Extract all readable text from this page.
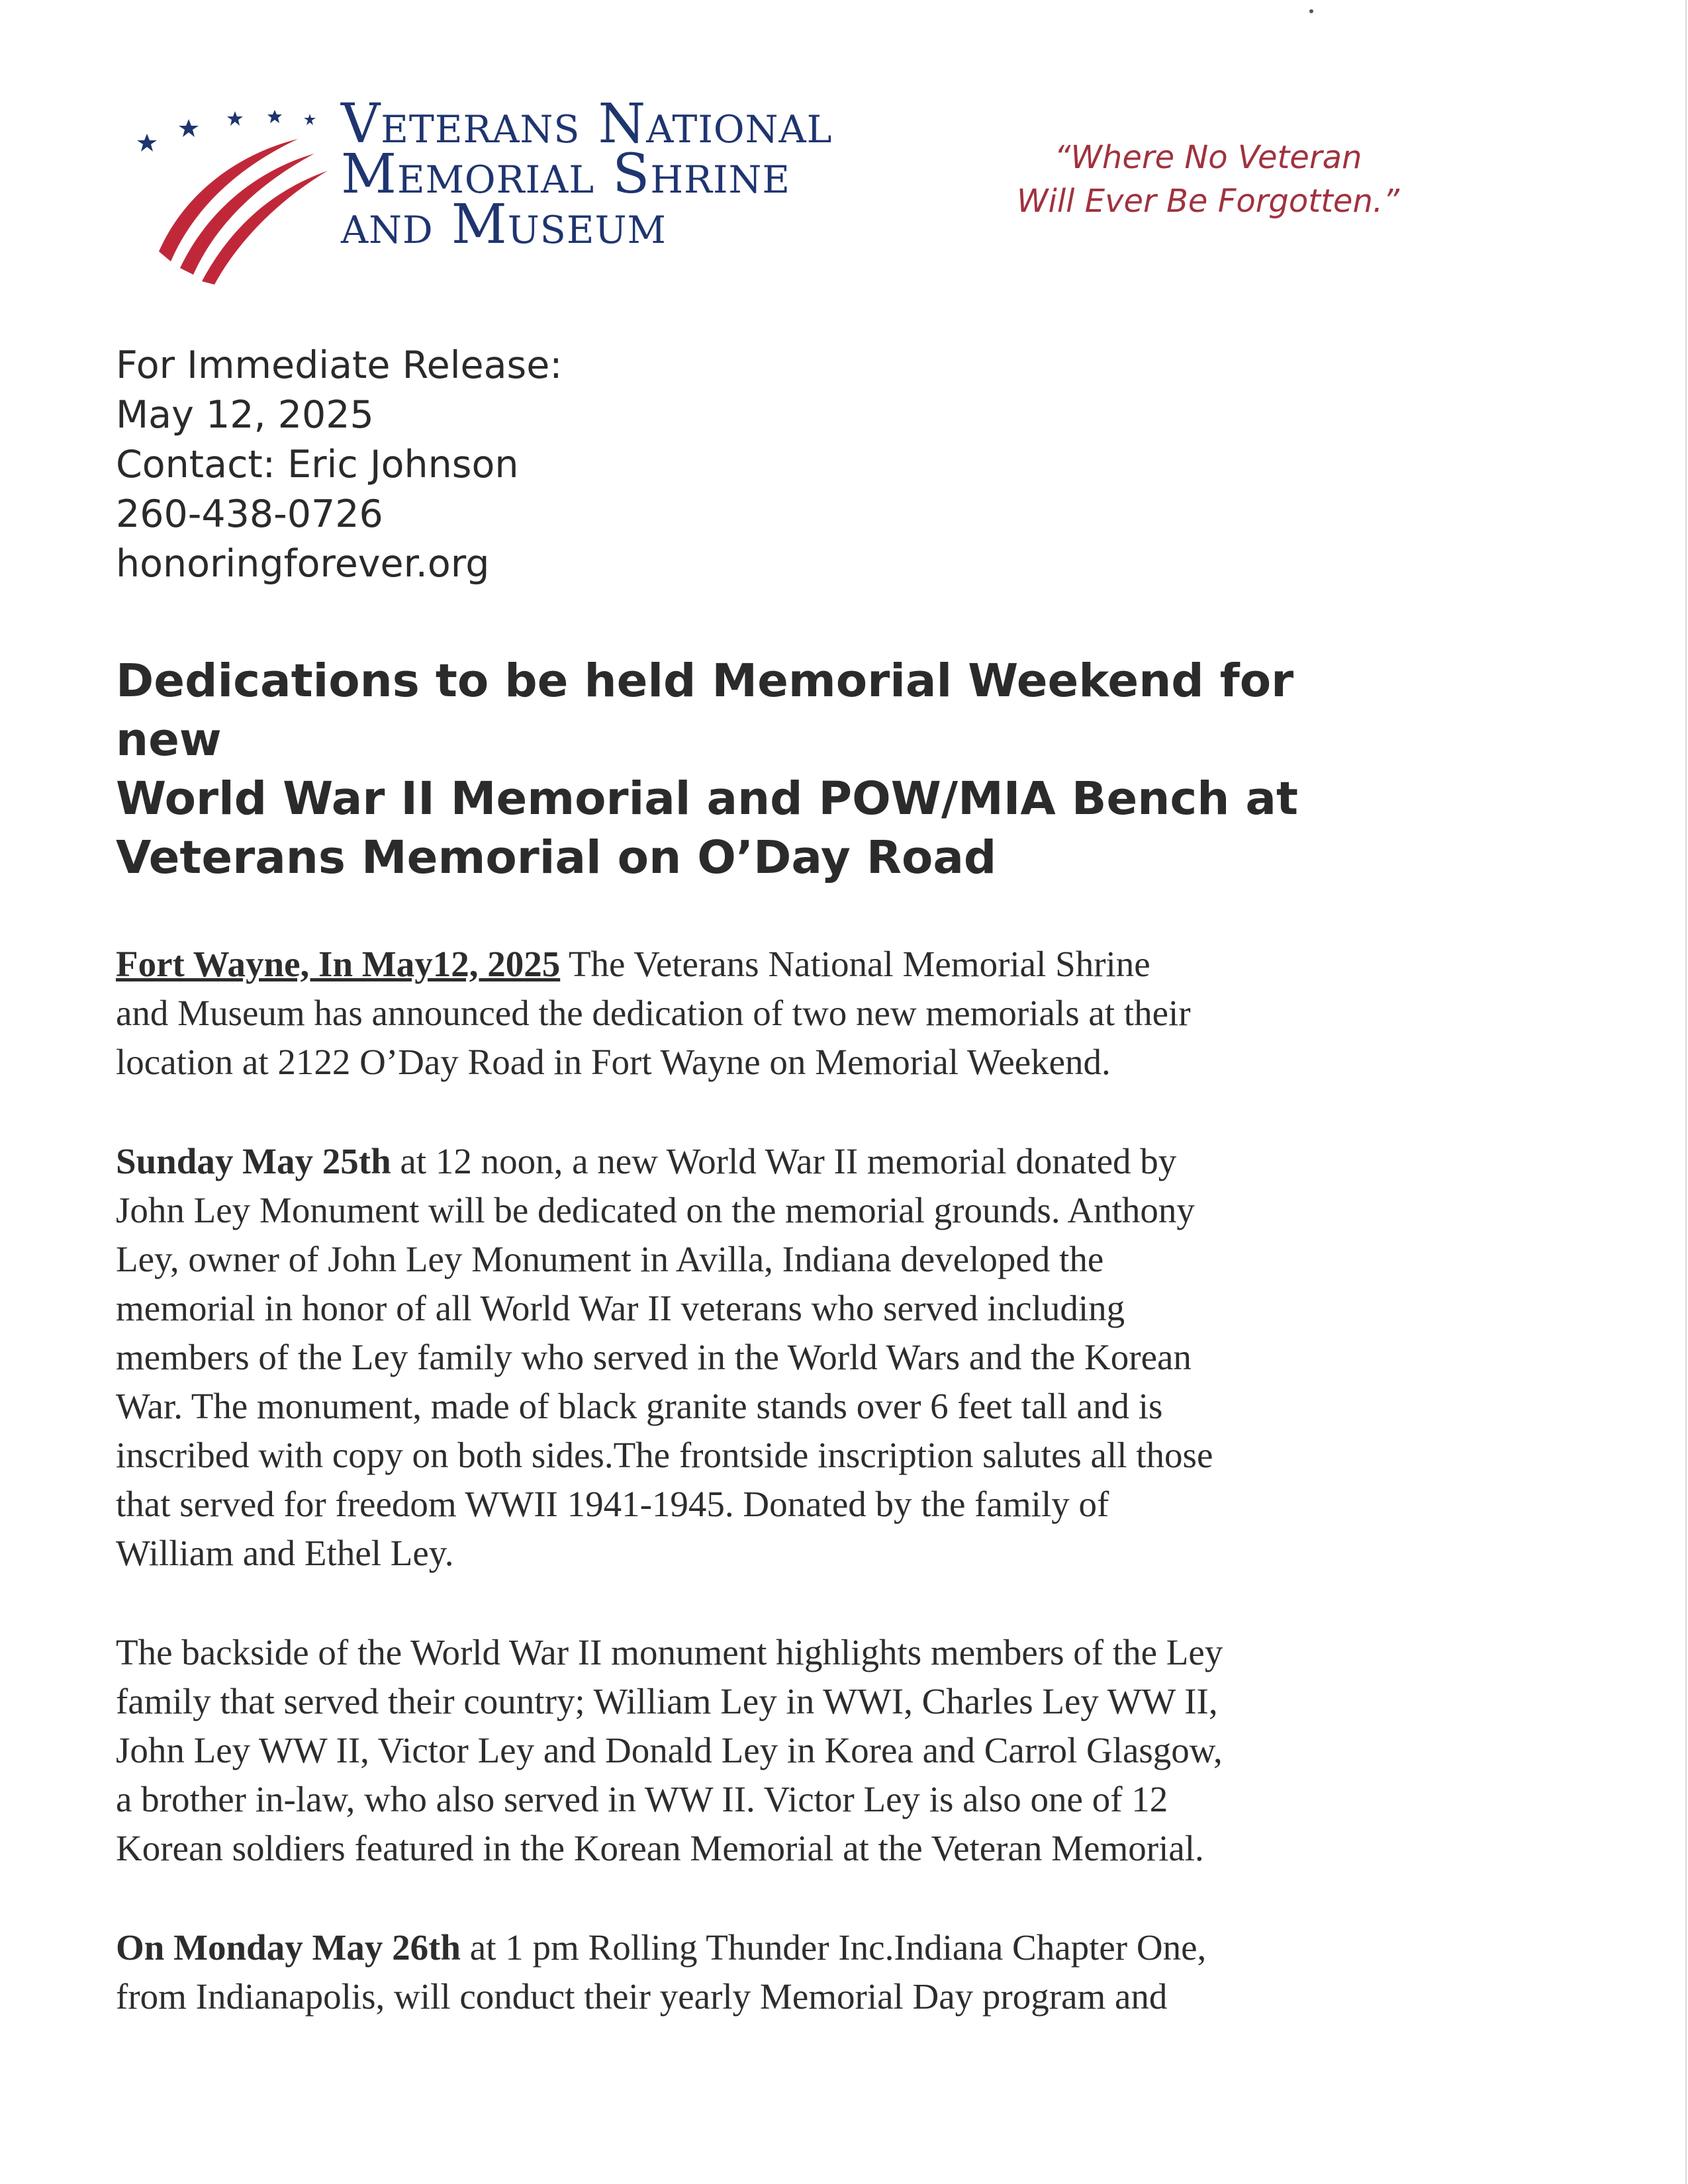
Veterans National
Memorial Shrine
and Museum
“Where No Veteran
Will Ever Be Forgotten.”
For Immediate Release:
May 12, 2025
Contact: Eric Johnson
260-438-0726
honoringforever.org
Dedications to be held Memorial Weekend for
new
World War II Memorial and POW/MIA Bench at
Veterans Memorial on O’Day Road
Fort Wayne, In May12, 2025 The Veterans National Memorial Shrine
and Museum has announced the dedication of two new memorials at their
location at 2122 O’Day Road in Fort Wayne on Memorial Weekend.
Sunday May 25th at 12 noon, a new World War II memorial donated by
John Ley Monument will be dedicated on the memorial grounds. Anthony
Ley, owner of John Ley Monument in Avilla, Indiana developed the
memorial in honor of all World War II veterans who served including
members of the Ley family who served in the World Wars and the Korean
War. The monument, made of black granite stands over 6 feet tall and is
inscribed with copy on both sides.The frontside inscription salutes all those
that served for freedom WWII 1941-1945. Donated by the family of
William and Ethel Ley.
The backside of the World War II monument highlights members of the Ley
family that served their country; William Ley in WWI, Charles Ley WW II,
John Ley WW II, Victor Ley and Donald Ley in Korea and Carrol Glasgow,
a brother in-law, who also served in WW II. Victor Ley is also one of 12
Korean soldiers featured in the Korean Memorial at the Veteran Memorial.
On Monday May 26th at 1 pm Rolling Thunder Inc.Indiana Chapter One,
from Indianapolis, will conduct their yearly Memorial Day program and
